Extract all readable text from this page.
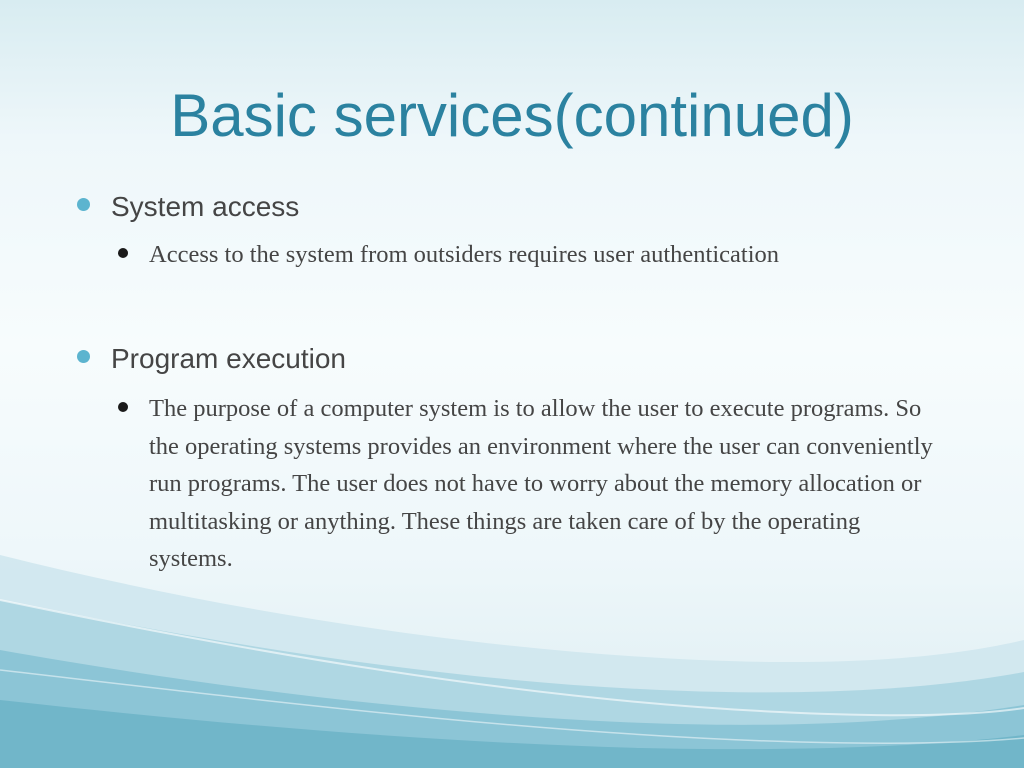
Basic services(continued)
System access
Access to the system from outsiders requires user authentication
Program execution
The purpose of a computer system is to allow the user to execute programs. So the operating systems provides an environment where the user can conveniently run programs. The user does not have to worry about the memory allocation or multitasking or anything. These things are taken care of by the operating systems.
